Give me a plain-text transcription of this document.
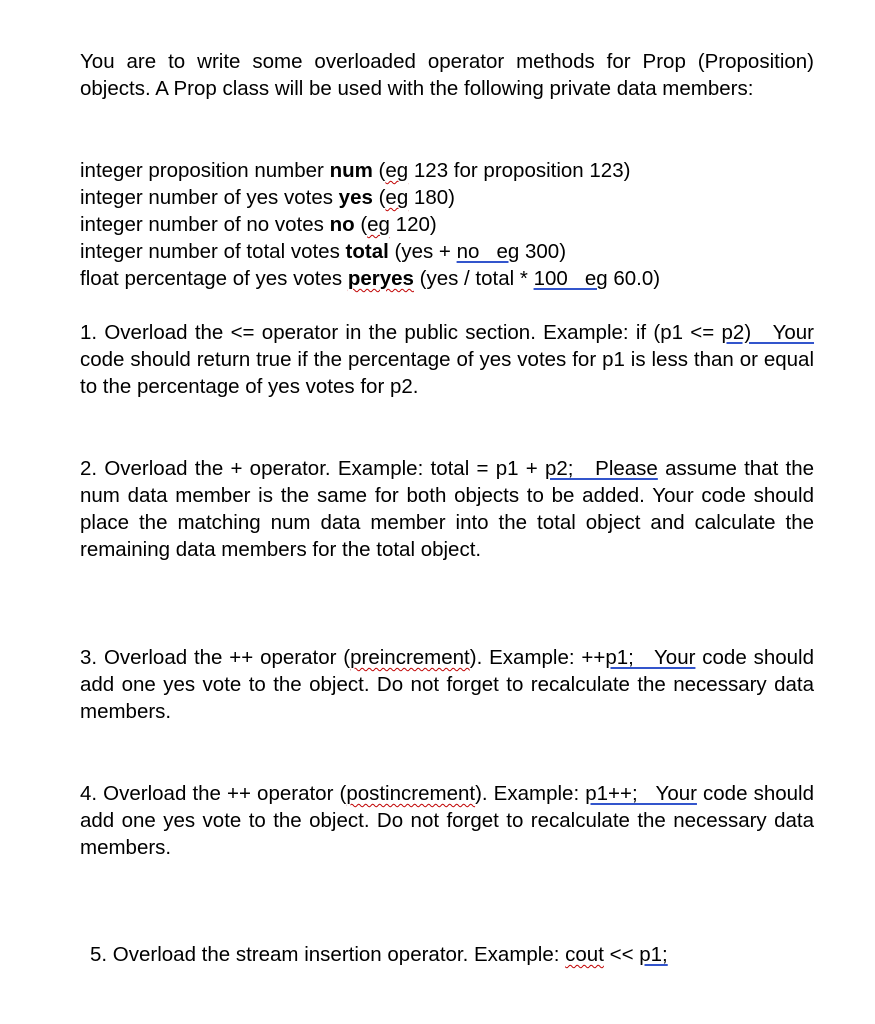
You are to write some overloaded operator methods for Prop (Proposition) objects. A Prop class will be used with the following private data members:
integer proposition number num (eg 123 for proposition 123)
integer number of yes votes yes (eg 180)
integer number of no votes no (eg 120)
integer number of total votes total (yes + no   eg 300)
float percentage of yes votes peryes (yes / total * 100   eg 60.0)
1. Overload the <= operator in the public section. Example: if (p1 <= p2)   Your code should return true if the percentage of yes votes for p1 is less than or equal to the percentage of yes votes for p2.
2. Overload the + operator. Example: total = p1 + p2;   Please assume that the num data member is the same for both objects to be added. Your code should place the matching num data member into the total object and calculate the remaining data members for the total object.
3. Overload the ++ operator (preincrement). Example: ++p1;   Your code should add one yes vote to the object. Do not forget to recalculate the necessary data members.
4. Overload the ++ operator (postincrement). Example: p1++;   Your code should add one yes vote to the object. Do not forget to recalculate the necessary data members.
5. Overload the stream insertion operator. Example: cout << p1;
